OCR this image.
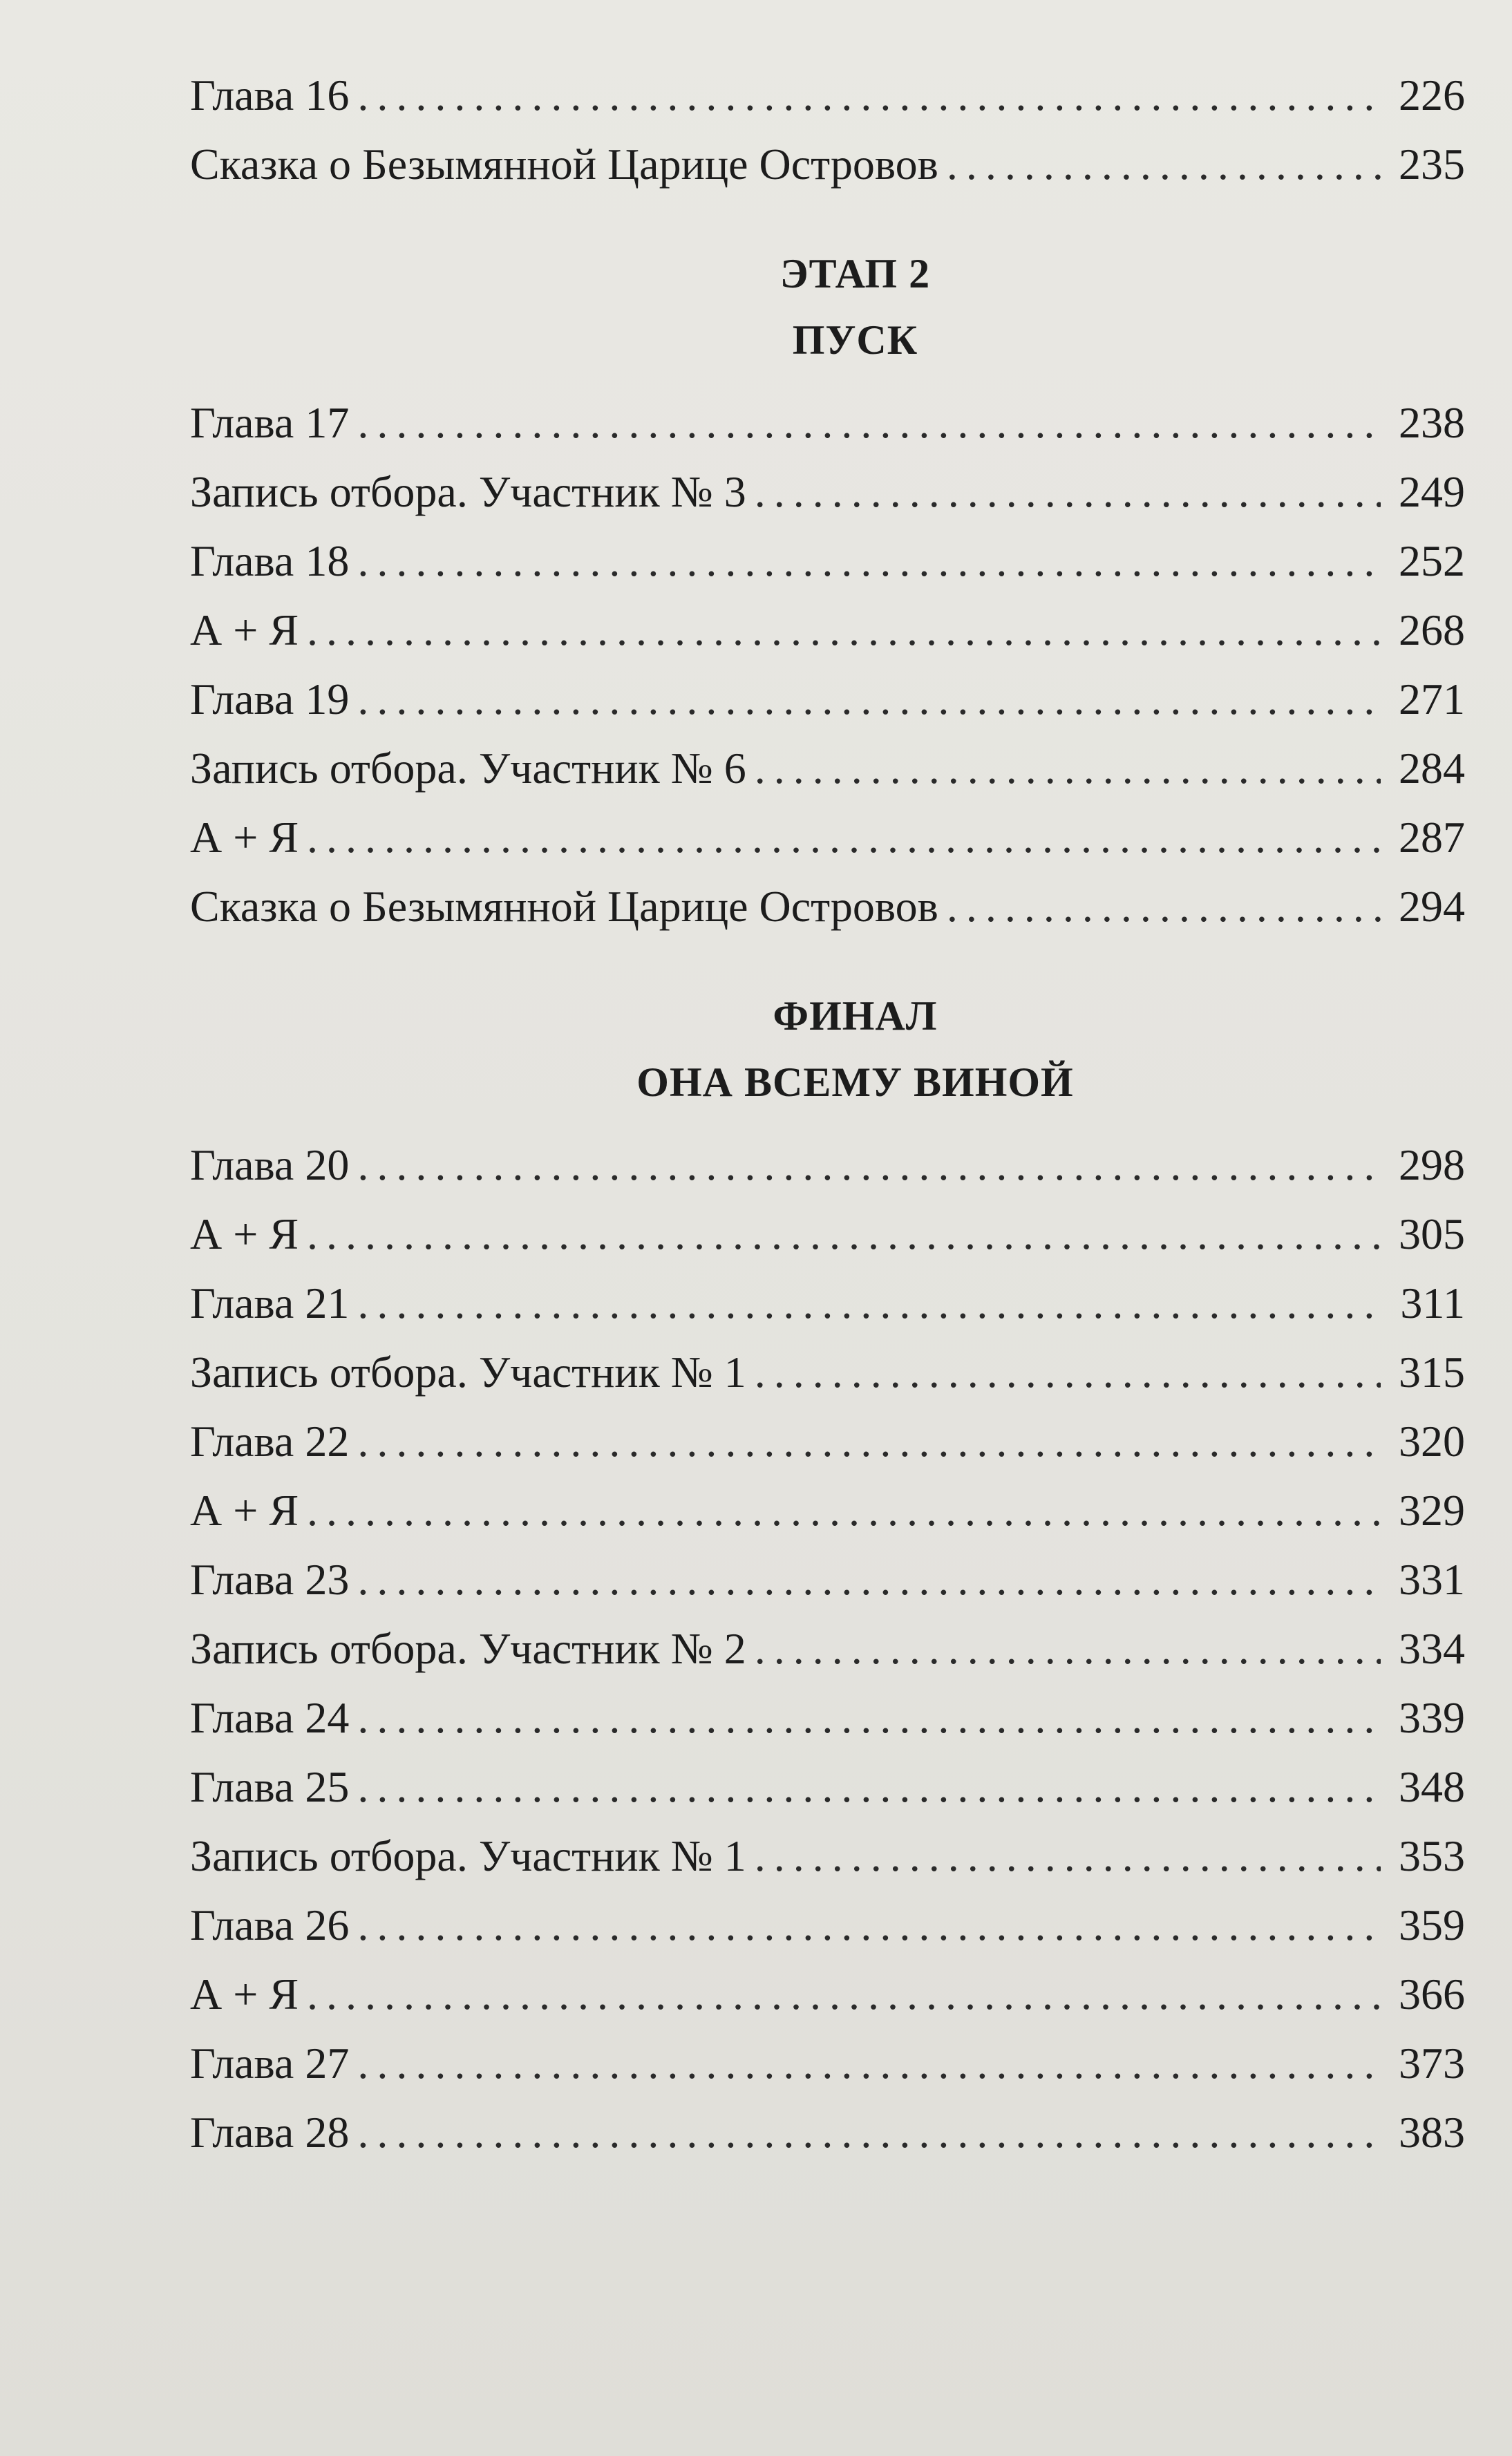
Глава 16 .....	226
Сказка о Безымянной Царице Островов .....	235
ЭТАП 2
ПУСК
Глава 17 .....	238
Запись отбора. Участник № 3 .....	249
Глава 18 .....	252
А + Я .....	268
Глава 19 .....	271
Запись отбора. Участник № 6 .....	284
А + Я .....	287
Сказка о Безымянной Царице Островов .....	294
ФИНАЛ
ОНА ВСЕМУ ВИНОЙ
Глава 20 .....	298
А + Я .....	305
Глава 21 .....	311
Запись отбора. Участник № 1 .....	315
Глава 22 .....	320
А + Я .....	329
Глава 23 .....	331
Запись отбора. Участник № 2 .....	334
Глава 24 .....	339
Глава 25 .....	348
Запись отбора. Участник № 1 .....	353
Глава 26 .....	359
А + Я .....	366
Глава 27 .....	373
Глава 28 .....	383
